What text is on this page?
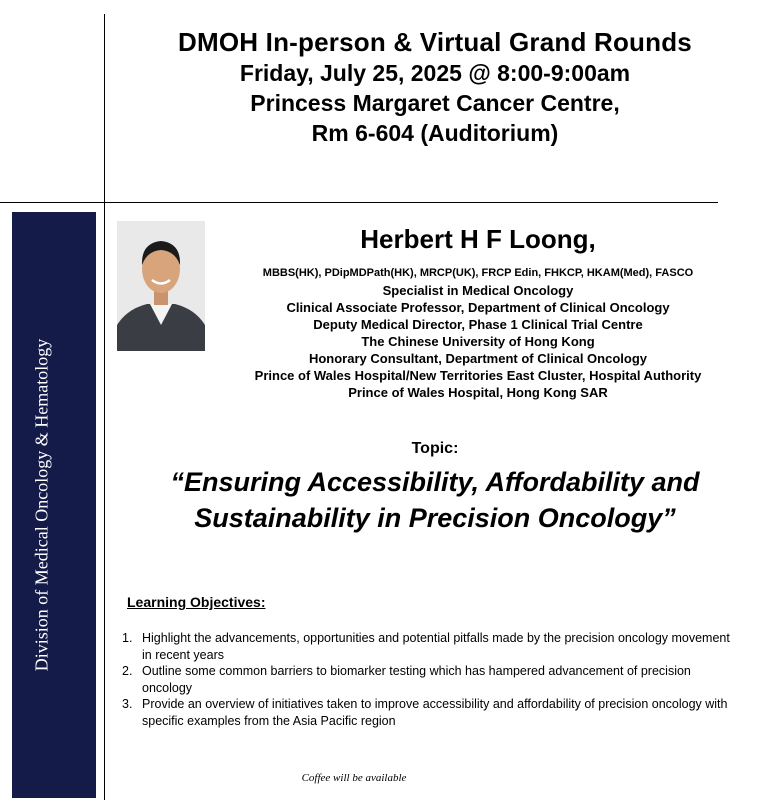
DMOH In-person & Virtual Grand Rounds
Friday, July 25, 2025 @ 8:00-9:00am
Princess Margaret Cancer Centre,
Rm 6-604 (Auditorium)
Division of Medical Oncology & Hematology
Herbert H F Loong,
MBBS(HK), PDipMDPath(HK), MRCP(UK), FRCP Edin, FHKCP, HKAM(Med), FASCO
Specialist in Medical Oncology
Clinical Associate Professor, Department of Clinical Oncology
Deputy Medical Director, Phase 1 Clinical Trial Centre
The Chinese University of Hong Kong
Honorary Consultant, Department of Clinical Oncology
Prince of Wales Hospital/New Territories East Cluster, Hospital Authority
Prince of Wales Hospital, Hong Kong SAR
Topic:
“Ensuring Accessibility, Affordability and
Sustainability in Precision Oncology”
Learning Objectives:
1. Highlight the advancements, opportunities and potential pitfalls made by the precision oncology movement in recent years
2. Outline some common barriers to biomarker testing which has hampered advancement of precision oncology
3. Provide an overview of initiatives taken to improve accessibility and affordability of precision oncology with specific examples from the Asia Pacific region
Coffee will be available
